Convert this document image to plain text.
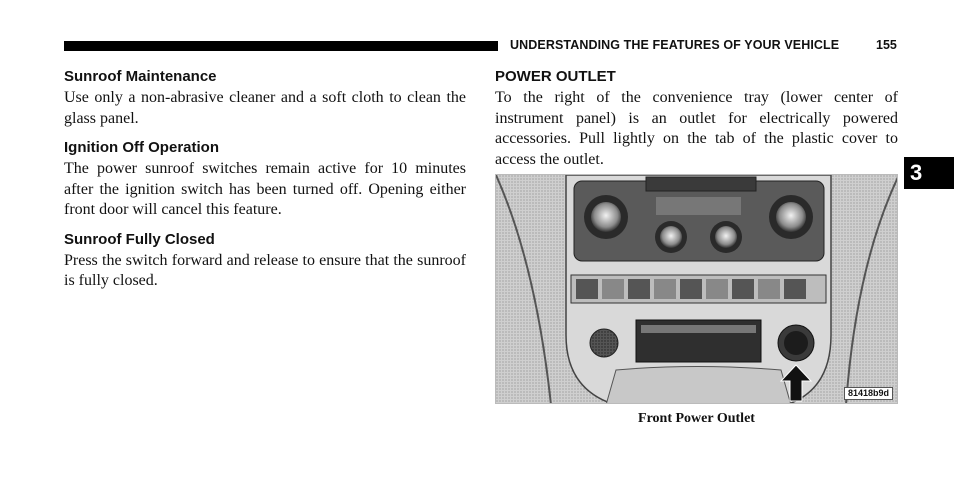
UNDERSTANDING THE FEATURES OF YOUR VEHICLE	155
3
Sunroof Maintenance

Use only a non-abrasive cleaner and a soft cloth to clean the glass panel.

Ignition Off Operation

The power sunroof switches remain active for 10 minutes after the ignition switch has been turned off. Opening either front door will cancel this feature.

Sunroof Fully Closed

Press the switch forward and release to ensure that the sunroof is fully closed.

POWER OUTLET

To the right of the convenience tray (lower center of instrument panel) is an outlet for electrically powered accessories. Pull lightly on the tab of the plastic cover to access the outlet.

81418b9d
Front Power Outlet
